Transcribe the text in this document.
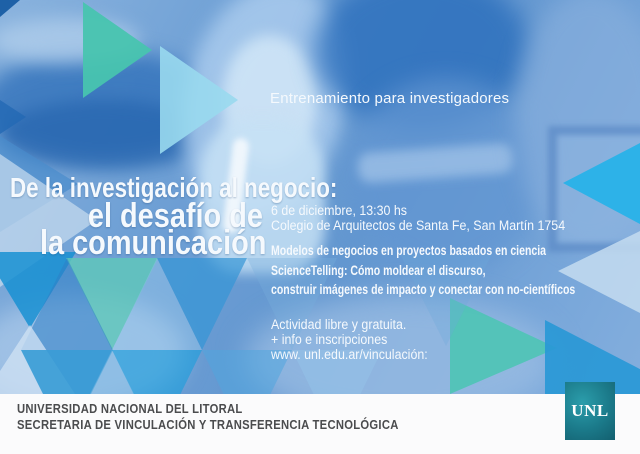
Entrenamiento para investigadores
De la investigación al negocio:
el desafío de
la comunicación
6 de diciembre, 13:30 hs
Colegio de Arquitectos de Santa Fe, San Martín 1754
Modelos de negocios en proyectos basados en ciencia
ScienceTelling: Cómo moldear el discurso,
construir imágenes de impacto y conectar con no-científicos
Actividad libre y gratuita.
+ info e inscripciones
www. unl.edu.ar/vinculación:
UNIVERSIDAD NACIONAL DEL LITORAL
SECRETARIA DE VINCULACIÓN Y TRANSFERENCIA TECNOLÓGICA
UNL
